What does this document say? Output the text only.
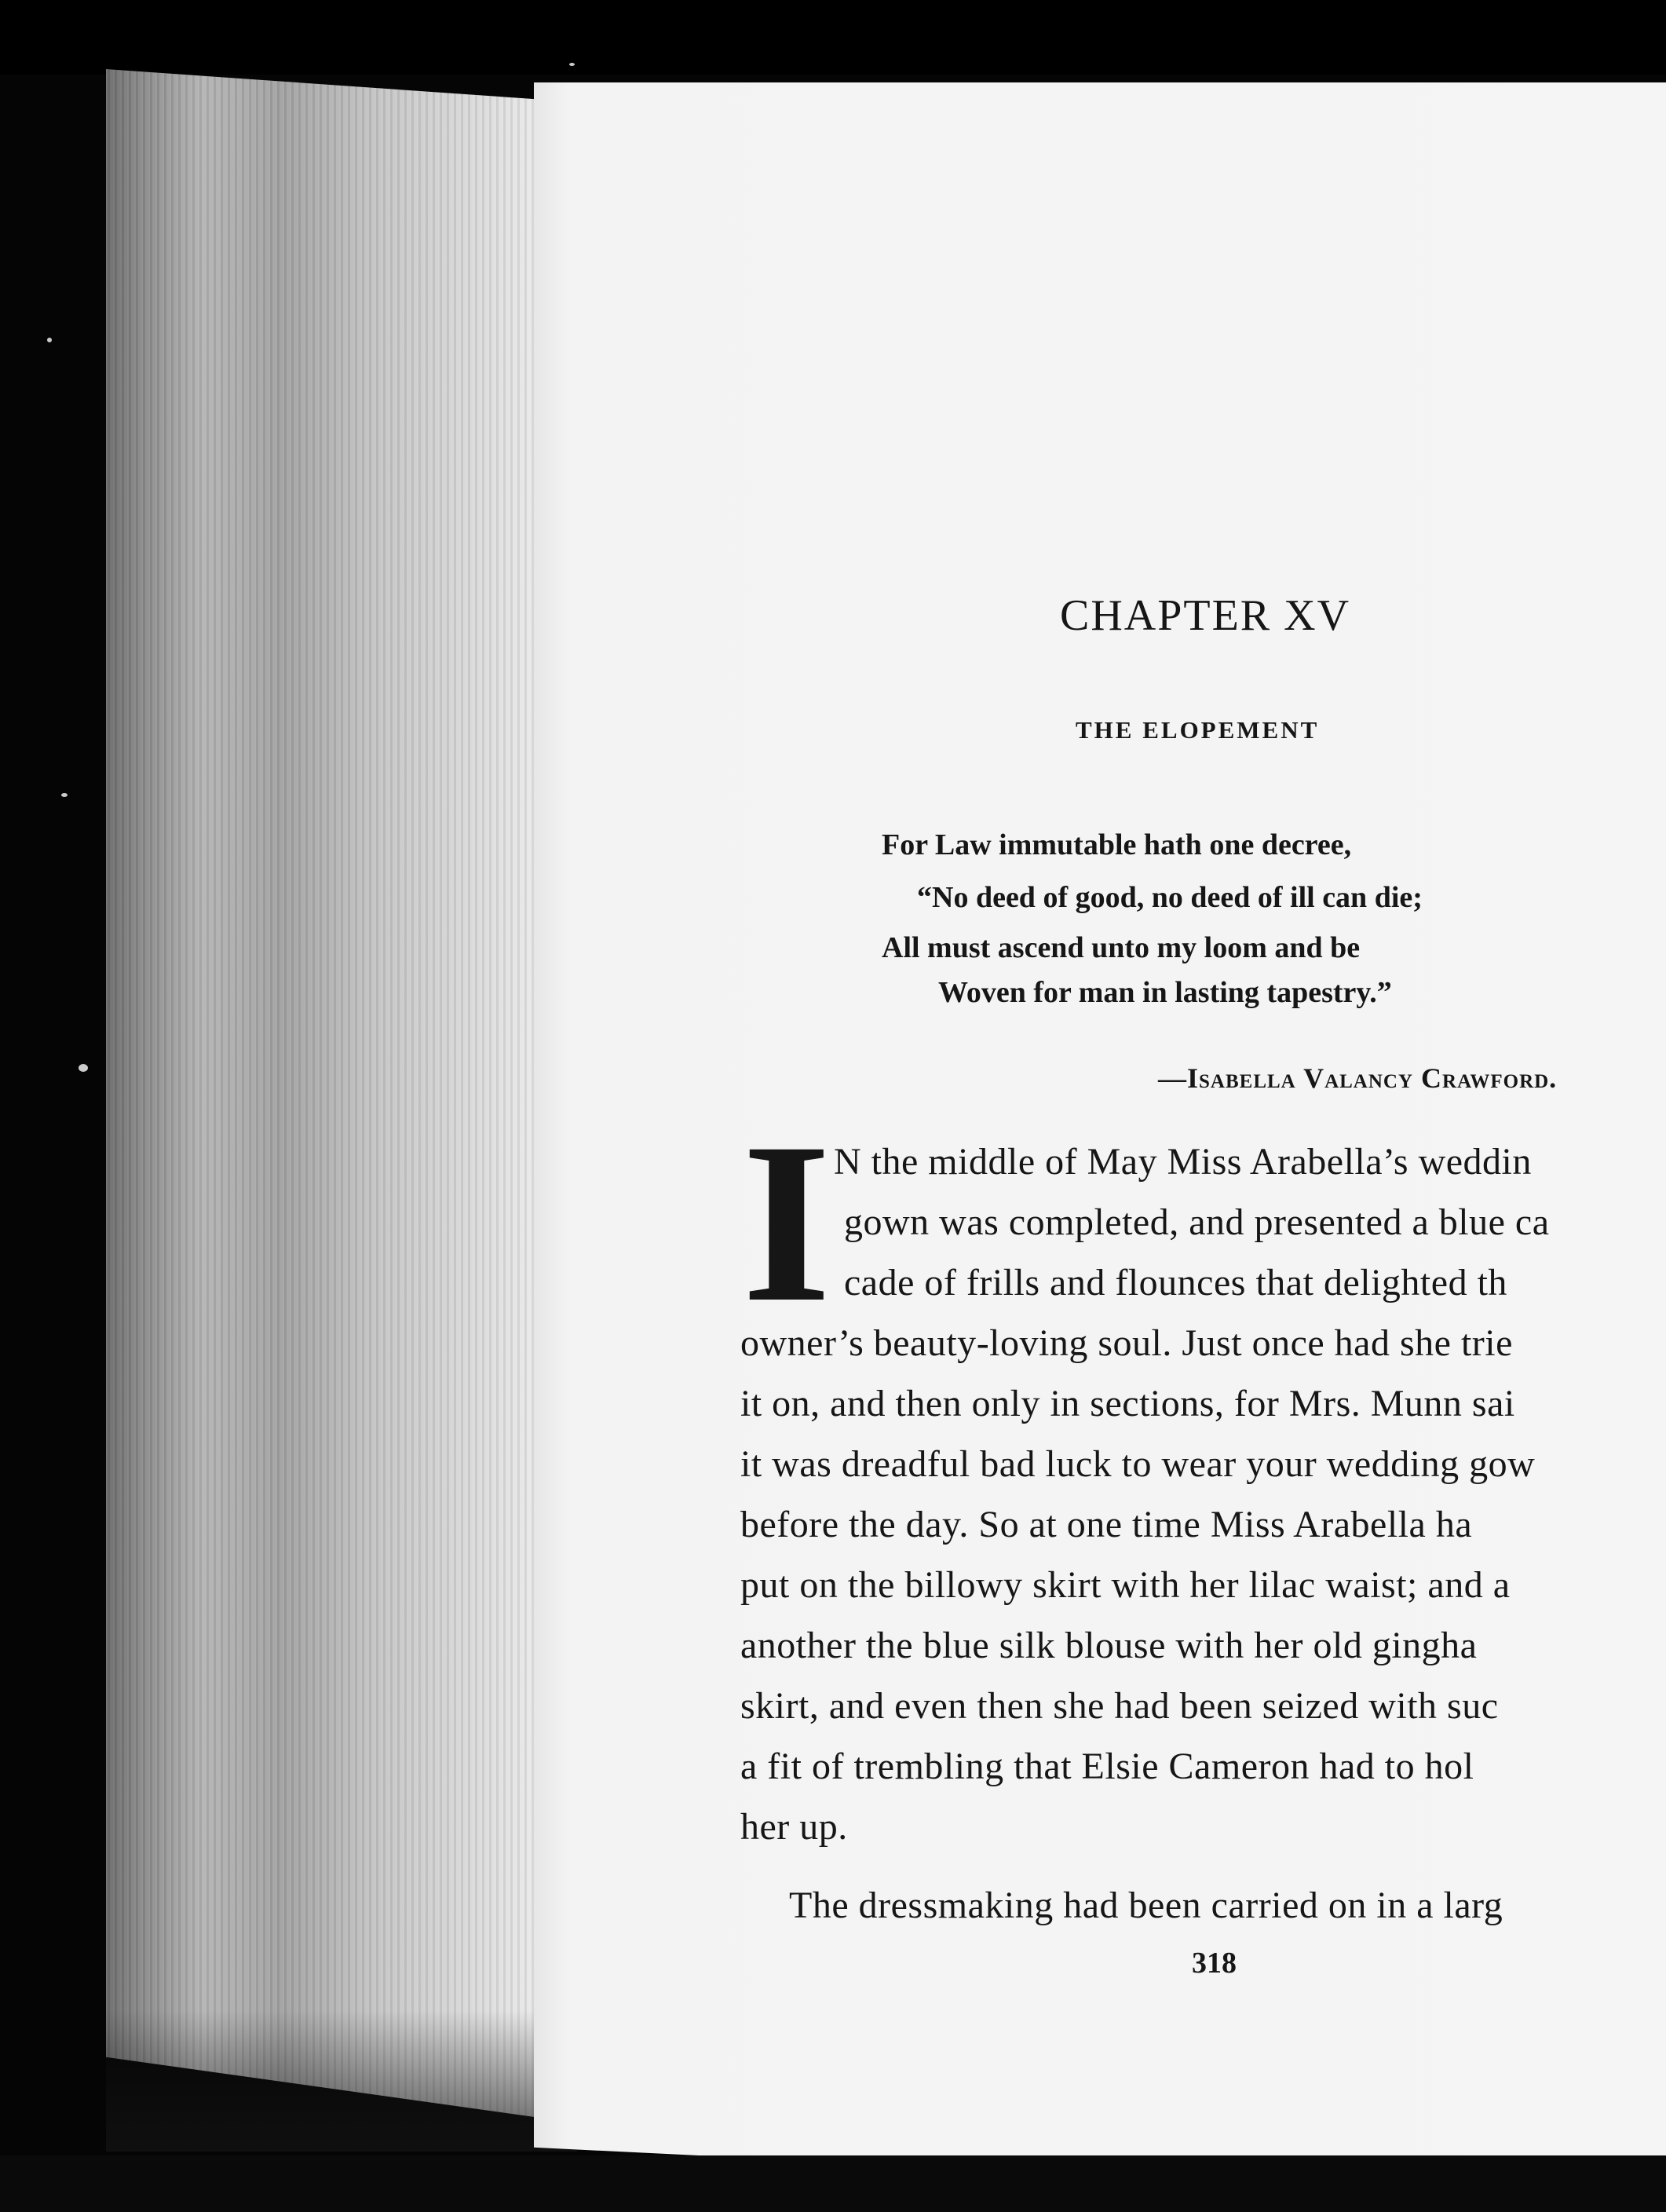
CHAPTER XV
THE ELOPEMENT
For Law immutable hath one decree,
“No deed of good, no deed of ill can die;
All must ascend unto my loom and be
Woven for man in lasting tapestry.”
—Isabella Valancy Crawford.
I N the middle of May Miss Arabella’s weddin
gown was completed, and presented a blue ca
cade of frills and flounces that delighted th
owner’s beauty-loving soul. Just once had she trie
it on, and then only in sections, for Mrs. Munn sai
it was dreadful bad luck to wear your wedding gow
before the day. So at one time Miss Arabella ha
put on the billowy skirt with her lilac waist; and a
another the blue silk blouse with her old gingha
skirt, and even then she had been seized with suc
a fit of trembling that Elsie Cameron had to hol
her up.
The dressmaking had been carried on in a larg
318
